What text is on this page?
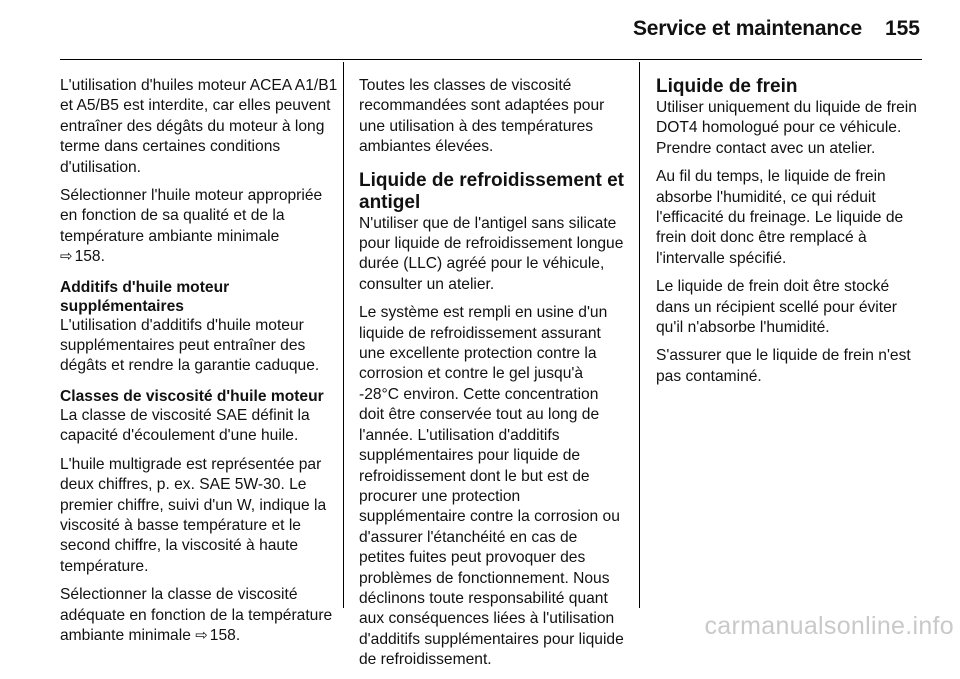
Service et maintenance 155

L'utilisation d'huiles moteur ACEA A1/B1 et A5/B5 est interdite, car elles peuvent entraîner des dégâts du moteur à long terme dans certaines conditions d'utilisation.

Sélectionner l'huile moteur appropriée en fonction de sa qualité et de la température ambiante minimale
⇨ 158.

Additifs d'huile moteur supplémentaires

L'utilisation d'additifs d'huile moteur supplémentaires peut entraîner des dégâts et rendre la garantie caduque.

Classes de viscosité d'huile moteur

La classe de viscosité SAE définit la capacité d'écoulement d'une huile.

L'huile multigrade est représentée par deux chiffres, p. ex. SAE 5W-30. Le premier chiffre, suivi d'un W, indique la viscosité à basse température et le second chiffre, la viscosité à haute température.

Sélectionner la classe de viscosité adéquate en fonction de la température ambiante minimale ⇨ 158.

Toutes les classes de viscosité recommandées sont adaptées pour une utilisation à des températures ambiantes élevées.

Liquide de refroidissement et antigel

N'utiliser que de l'antigel sans silicate pour liquide de refroidissement longue durée (LLC) agréé pour le véhicule, consulter un atelier.

Le système est rempli en usine d'un liquide de refroidissement assurant une excellente protection contre la corrosion et contre le gel jusqu'à -28°C environ. Cette concentration doit être conservée tout au long de l'année. L'utilisation d'additifs supplémentaires pour liquide de refroidissement dont le but est de procurer une protection supplémentaire contre la corrosion ou d'assurer l'étanchéité en cas de petites fuites peut provoquer des problèmes de fonctionnement. Nous déclinons toute responsabilité quant aux conséquences liées à l'utilisation d'additifs supplémentaires pour liquide de refroidissement.

Liquide de frein

Utiliser uniquement du liquide de frein DOT4 homologué pour ce véhicule. Prendre contact avec un atelier.

Au fil du temps, le liquide de frein absorbe l'humidité, ce qui réduit l'efficacité du freinage. Le liquide de frein doit donc être remplacé à l'intervalle spécifié.

Le liquide de frein doit être stocké dans un récipient scellé pour éviter qu'il n'absorbe l'humidité.

S'assurer que le liquide de frein n'est pas contaminé.

carmanualsonline.info
